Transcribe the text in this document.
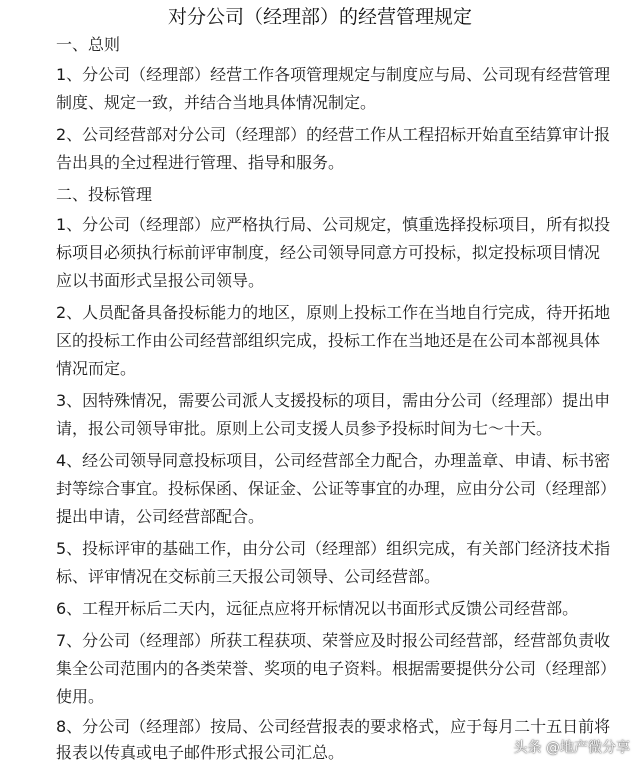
对分公司（经理部）的经营管理规定
一、总则
1、分公司（经理部）经营工作各项管理规定与制度应与局、公司现有经营管理
制度、规定一致，并结合当地具体情况制定。
2、公司经营部对分公司（经理部）的经营工作从工程招标开始直至结算审计报
告出具的全过程进行管理、指导和服务。
二、投标管理
1、分公司（经理部）应严格执行局、公司规定，慎重选择投标项目，所有拟投
标项目必须执行标前评审制度，经公司领导同意方可投标，拟定投标项目情况
应以书面形式呈报公司领导。
2、人员配备具备投标能力的地区，原则上投标工作在当地自行完成，待开拓地
区的投标工作由公司经营部组织完成，投标工作在当地还是在公司本部视具体
情况而定。
3、因特殊情况，需要公司派人支援投标的项目，需由分公司（经理部）提出申
请，报公司领导审批。原则上公司支援人员参予投标时间为七～十天。
4、经公司领导同意投标项目，公司经营部全力配合，办理盖章、申请、标书密
封等综合事宜。投标保函、保证金、公证等事宜的办理，应由分公司（经理部）
提出申请，公司经营部配合。
5、投标评审的基础工作，由分公司（经理部）组织完成，有关部门经济技术指
标、评审情况在交标前三天报公司领导、公司经营部。
6、工程开标后二天内，远征点应将开标情况以书面形式反馈公司经营部。
7、分公司（经理部）所获工程获项、荣誉应及时报公司经营部，经营部负责收
集全公司范围内的各类荣誉、奖项的电子资料。根据需要提供分公司（经理部）
使用。
8、分公司（经理部）按局、公司经营报表的要求格式，应于每月二十五日前将
报表以传真或电子邮件形式报公司汇总。	头条 @地产微分享
